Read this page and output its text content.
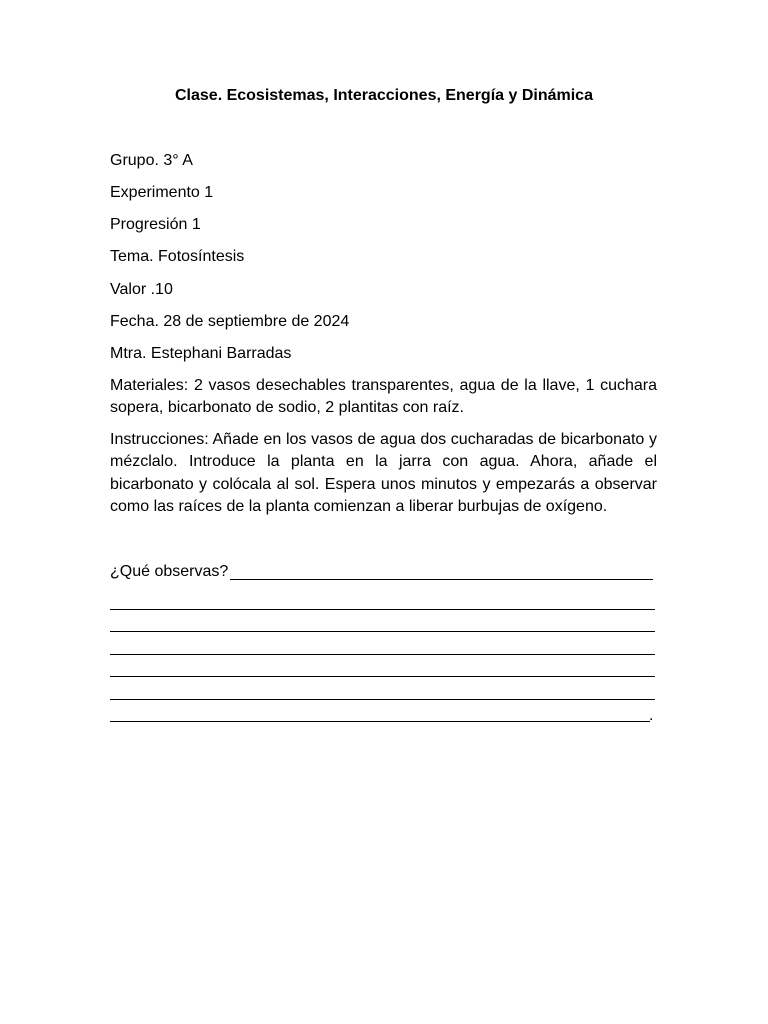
Clase. Ecosistemas, Interacciones, Energía y Dinámica
Grupo. 3° A
Experimento 1
Progresión 1
Tema. Fotosíntesis
Valor .10
Fecha. 28 de septiembre de 2024
Mtra. Estephani Barradas
Materiales: 2 vasos desechables transparentes, agua de la llave, 1 cuchara sopera, bicarbonato de sodio, 2 plantitas con raíz.
Instrucciones: Añade en los vasos de agua dos cucharadas de bicarbonato y mézclalo. Introduce la planta en la jarra con agua. Ahora, añade el bicarbonato y colócala al sol. Espera unos minutos y empezarás a observar como las raíces de la planta comienzan a liberar burbujas de oxígeno.
¿Qué observas?
.
